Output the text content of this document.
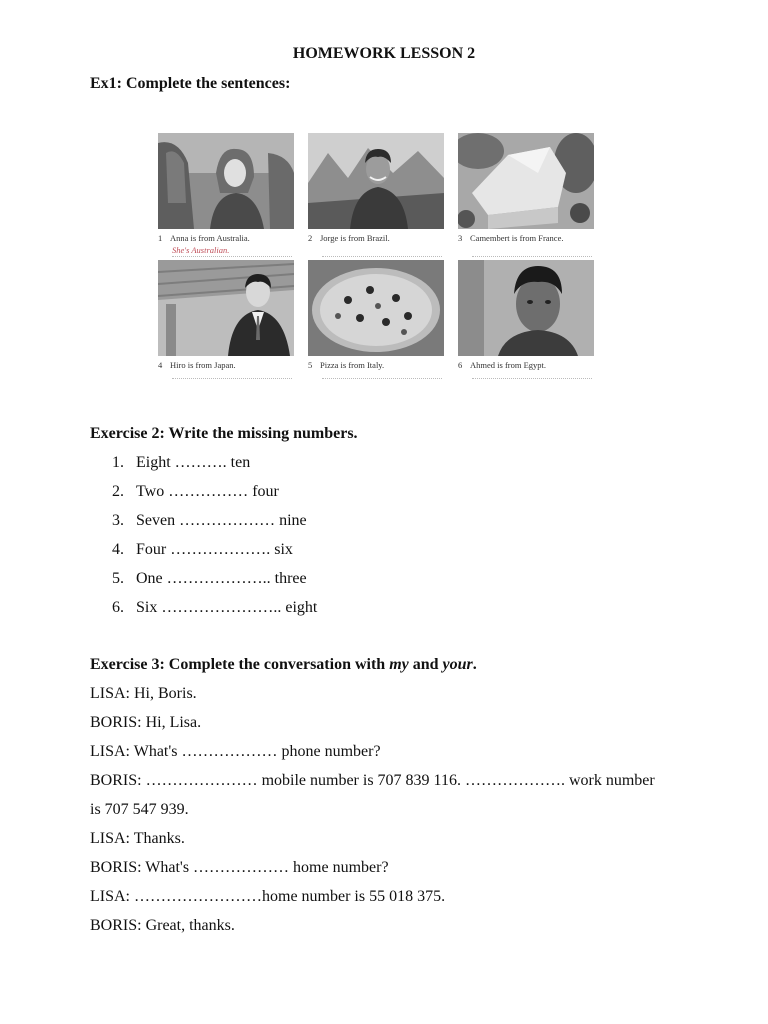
HOMEWORK LESSON 2
Ex1: Complete the sentences:
1 Anna is from Australia.
She's Australian.
2 Jorge is from Brazil.	3 Camembert is from France.
4 Hiro is from Japan.	5 Pizza is from Italy.	6 Ahmed is from Egypt.
Exercise 2: Write the missing numbers.
1. Eight ………. ten
2. Two …………… four
3. Seven ……………… nine
4. Four ………………. six
5. One ……………….. three
6. Six ………………….. eight
Exercise 3: Complete the conversation with my and your.
LISA: Hi, Boris.
BORIS: Hi, Lisa.
LISA: What's ……………… phone number?
BORIS: ………………… mobile number is 707 839 116. ………………. work number
is 707 547 939.
LISA: Thanks.
BORIS: What's ……………… home number?
LISA: ……………………home number is 55 018 375.
BORIS: Great, thanks.
